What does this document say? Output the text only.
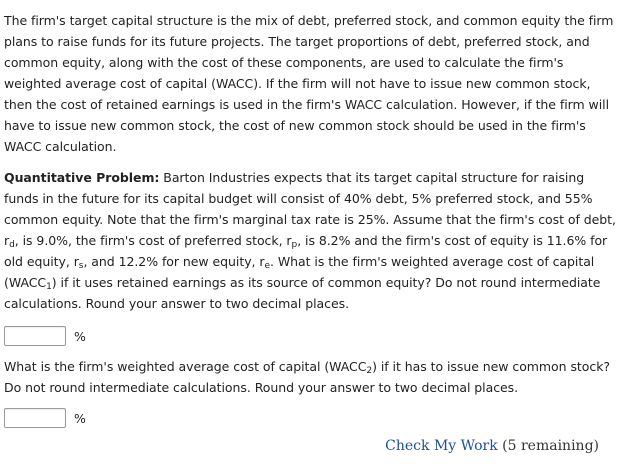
The firm's target capital structure is the mix of debt, preferred stock, and common equity the firm plans to raise funds for its future projects. The target proportions of debt, preferred stock, and common equity, along with the cost of these components, are used to calculate the firm's weighted average cost of capital (WACC). If the firm will not have to issue new common stock, then the cost of retained earnings is used in the firm's WACC calculation. However, if the firm will have to issue new common stock, the cost of new common stock should be used in the firm's WACC calculation.

Quantitative Problem: Barton Industries expects that its target capital structure for raising funds in the future for its capital budget will consist of 40% debt, 5% preferred stock, and 55% common equity. Note that the firm's marginal tax rate is 25%. Assume that the firm's cost of debt, $r_d$, is 9.0%, the firm's cost of preferred stock, $r_p$, is 8.2% and the firm's cost of equity is 11.6% for old equity, $r_s$, and 12.2% for new equity, $r_e$. What is the firm's weighted average cost of capital $(WACC_1)$ if it uses retained earnings as its source of common equity? Do not round intermediate calculations. Round your answer to two decimal places.

%

What is the firm's weighted average cost of capital $(WACC_2)$ if it has to issue new common stock? Do not round intermediate calculations. Round your answer to two decimal places.

%
Check My Work (5 remaining)
